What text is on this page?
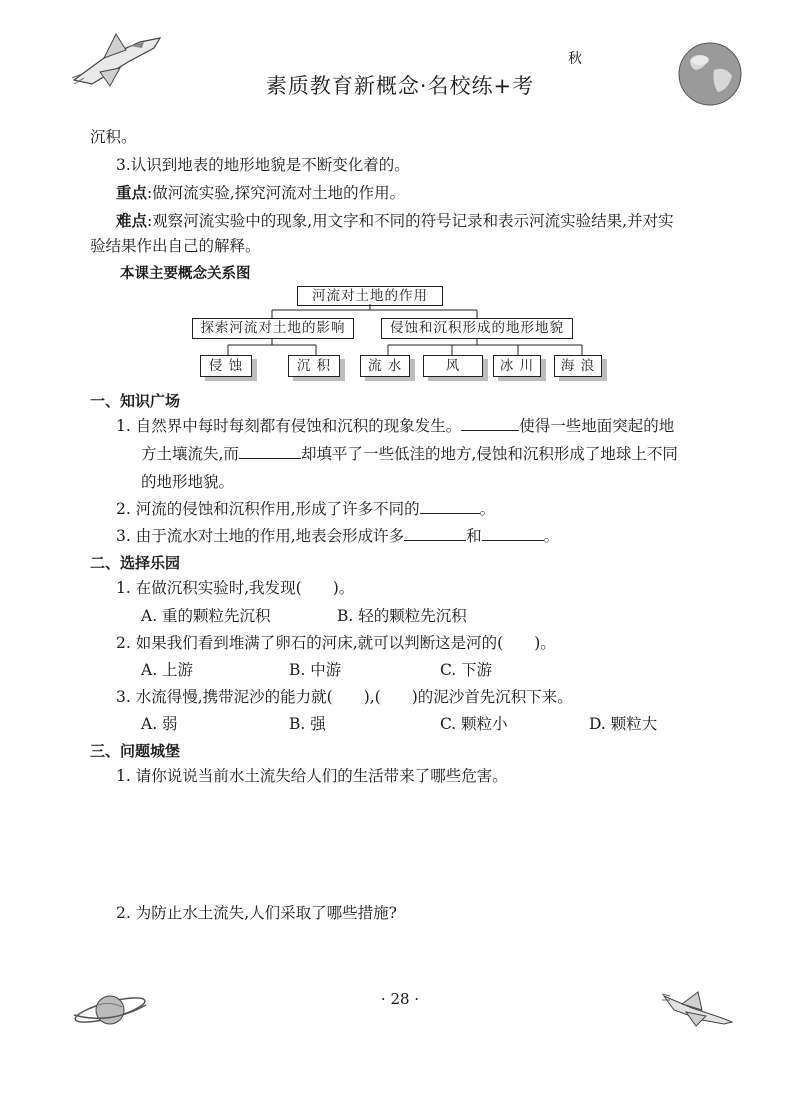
秋
素质教育新概念·名校练+考
沉积。
3.认识到地表的地形地貌是不断变化着的。
重点:做河流实验,探究河流对土地的作用。
难点:观察河流实验中的现象,用文字和不同的符号记录和表示河流实验结果,并对实
验结果作出自己的解释。
本课主要概念关系图
河流对土地的作用
探索河流对土地的影响	侵蚀和沉积形成的地形地貌
侵 蚀	沉 积	流 水	风	冰 川	海 浪
一、知识广场
1. 自然界中每时每刻都有侵蚀和沉积的现象发生。	使得一些地面突起的地
方土壤流失,而	却填平了一些低洼的地方,侵蚀和沉积形成了地球上不同
的地形地貌。
2. 河流的侵蚀和沉积作用,形成了许多不同的	。
3. 由于流水对土地的作用,地表会形成许多	和	。
二、选择乐园
1. 在做沉积实验时,我发现(　　)。
A. 重的颗粒先沉积	B. 轻的颗粒先沉积
2. 如果我们看到堆满了卵石的河床,就可以判断这是河的(　　)。
A. 上游	B. 中游	C. 下游
3. 水流得慢,携带泥沙的能力就(　　),(　　)的泥沙首先沉积下来。
A. 弱	B. 强	C. 颗粒小	D. 颗粒大
三、问题城堡
1. 请你说说当前水土流失给人们的生活带来了哪些危害。
2. 为防止水土流失,人们采取了哪些措施?
· 28 ·
